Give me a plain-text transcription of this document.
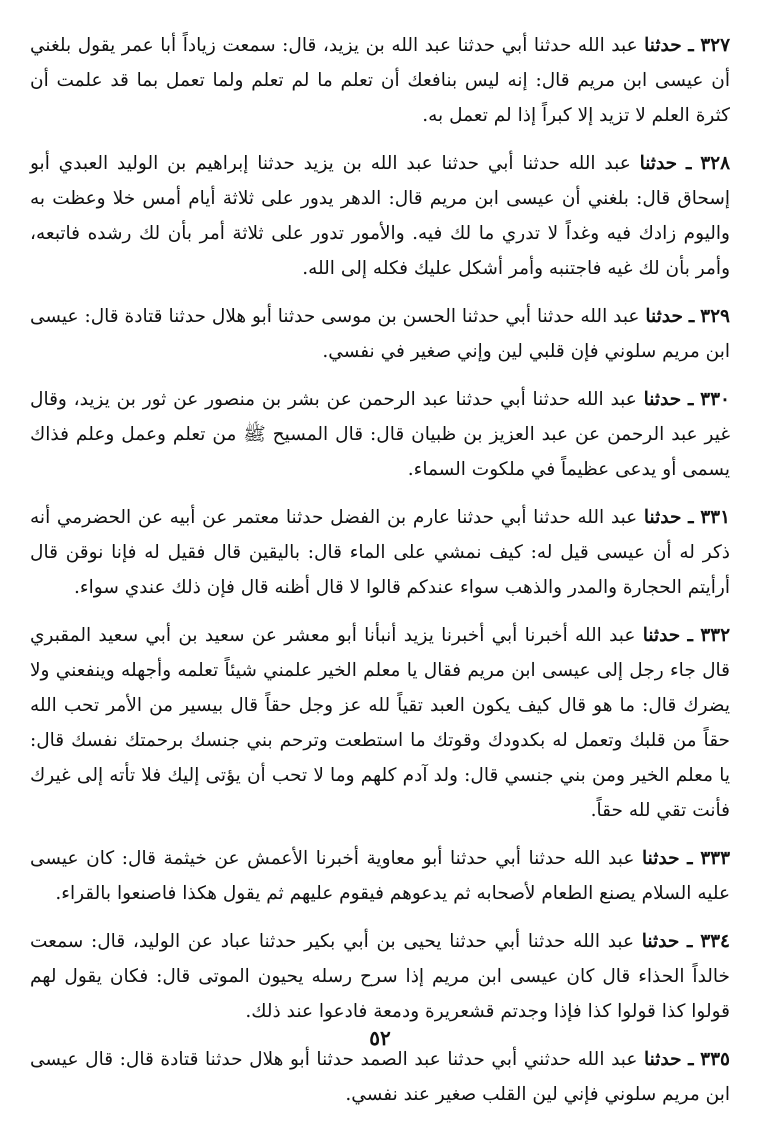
٣٢٧ ـ حدثنا عبد الله حدثنا أبي حدثنا عبد الله بن يزيد، قال: سمعت زياداً أبا عمر يقول بلغني أن عيسى ابن مريم قال: إنه ليس بنافعك أن تعلم ما لم تعلم ولما تعمل بما قد علمت أن كثرة العلم لا تزيد إلا كبراً إذا لم تعمل به.

٣٢٨ ـ حدثنا عبد الله حدثنا أبي حدثنا عبد الله بن يزيد حدثنا إبراهيم بن الوليد العبدي أبو إسحاق قال: بلغني أن عيسى ابن مريم قال: الدهر يدور على ثلاثة أيام أمس خلا وعظت به واليوم زادك فيه وغداً لا تدري ما لك فيه. والأمور تدور على ثلاثة أمر بأن لك رشده فاتبعه، وأمر بأن لك غيه فاجتنبه وأمر أشكل عليك فكله إلى الله.

٣٢٩ ـ حدثنا عبد الله حدثنا أبي حدثنا الحسن بن موسى حدثنا أبو هلال حدثنا قتادة قال: عيسى ابن مريم سلوني فإن قلبي لين وإني صغير في نفسي.

٣٣٠ ـ حدثنا عبد الله حدثنا أبي حدثنا عبد الرحمن عن بشر بن منصور عن ثور بن يزيد، وقال غير عبد الرحمن عن عبد العزيز بن ظبيان قال: قال المسيح ﷺ من تعلم وعمل وعلم فذاك يسمى أو يدعى عظيماً في ملكوت السماء.

٣٣١ ـ حدثنا عبد الله حدثنا أبي حدثنا عارم بن الفضل حدثنا معتمر عن أبيه عن الحضرمي أنه ذكر له أن عيسى قيل له: كيف نمشي على الماء قال: باليقين قال فقيل له فإنا نوقن قال أرأيتم الحجارة والمدر والذهب سواء عندكم قالوا لا قال أظنه قال فإن ذلك عندي سواء.

٣٣٢ ـ حدثنا عبد الله أخبرنا أبي أخبرنا يزيد أنبأنا أبو معشر عن سعيد بن أبي سعيد المقبري قال جاء رجل إلى عيسى ابن مريم فقال يا معلم الخير علمني شيئاً تعلمه وأجهله وينفعني ولا يضرك قال: ما هو قال كيف يكون العبد تقياً لله عز وجل حقاً قال بيسير من الأمر تحب الله حقاً من قلبك وتعمل له بكدودك وقوتك ما استطعت وترحم بني جنسك برحمتك نفسك قال: يا معلم الخير ومن بني جنسي قال: ولد آدم كلهم وما لا تحب أن يؤتى إليك فلا تأته إلى غيرك فأنت تقي لله حقاً.

٣٣٣ ـ حدثنا عبد الله حدثنا أبي حدثنا أبو معاوية أخبرنا الأعمش عن خيثمة قال: كان عيسى عليه السلام يصنع الطعام لأصحابه ثم يدعوهم فيقوم عليهم ثم يقول هكذا فاصنعوا بالقراء.

٣٣٤ ـ حدثنا عبد الله حدثنا أبي حدثنا يحيى بن أبي بكير حدثنا عباد عن الوليد، قال: سمعت خالداً الحذاء قال كان عيسى ابن مريم إذا سرح رسله يحيون الموتى قال: فكان يقول لهم قولوا كذا قولوا كذا فإذا وجدتم قشعريرة ودمعة فادعوا عند ذلك.

٣٣٥ ـ حدثنا عبد الله حدثني أبي حدثنا عبد الصمد حدثنا أبو هلال حدثنا قتادة قال: قال عيسى ابن مريم سلوني فإني لين القلب صغير عند نفسي.

٥٢
